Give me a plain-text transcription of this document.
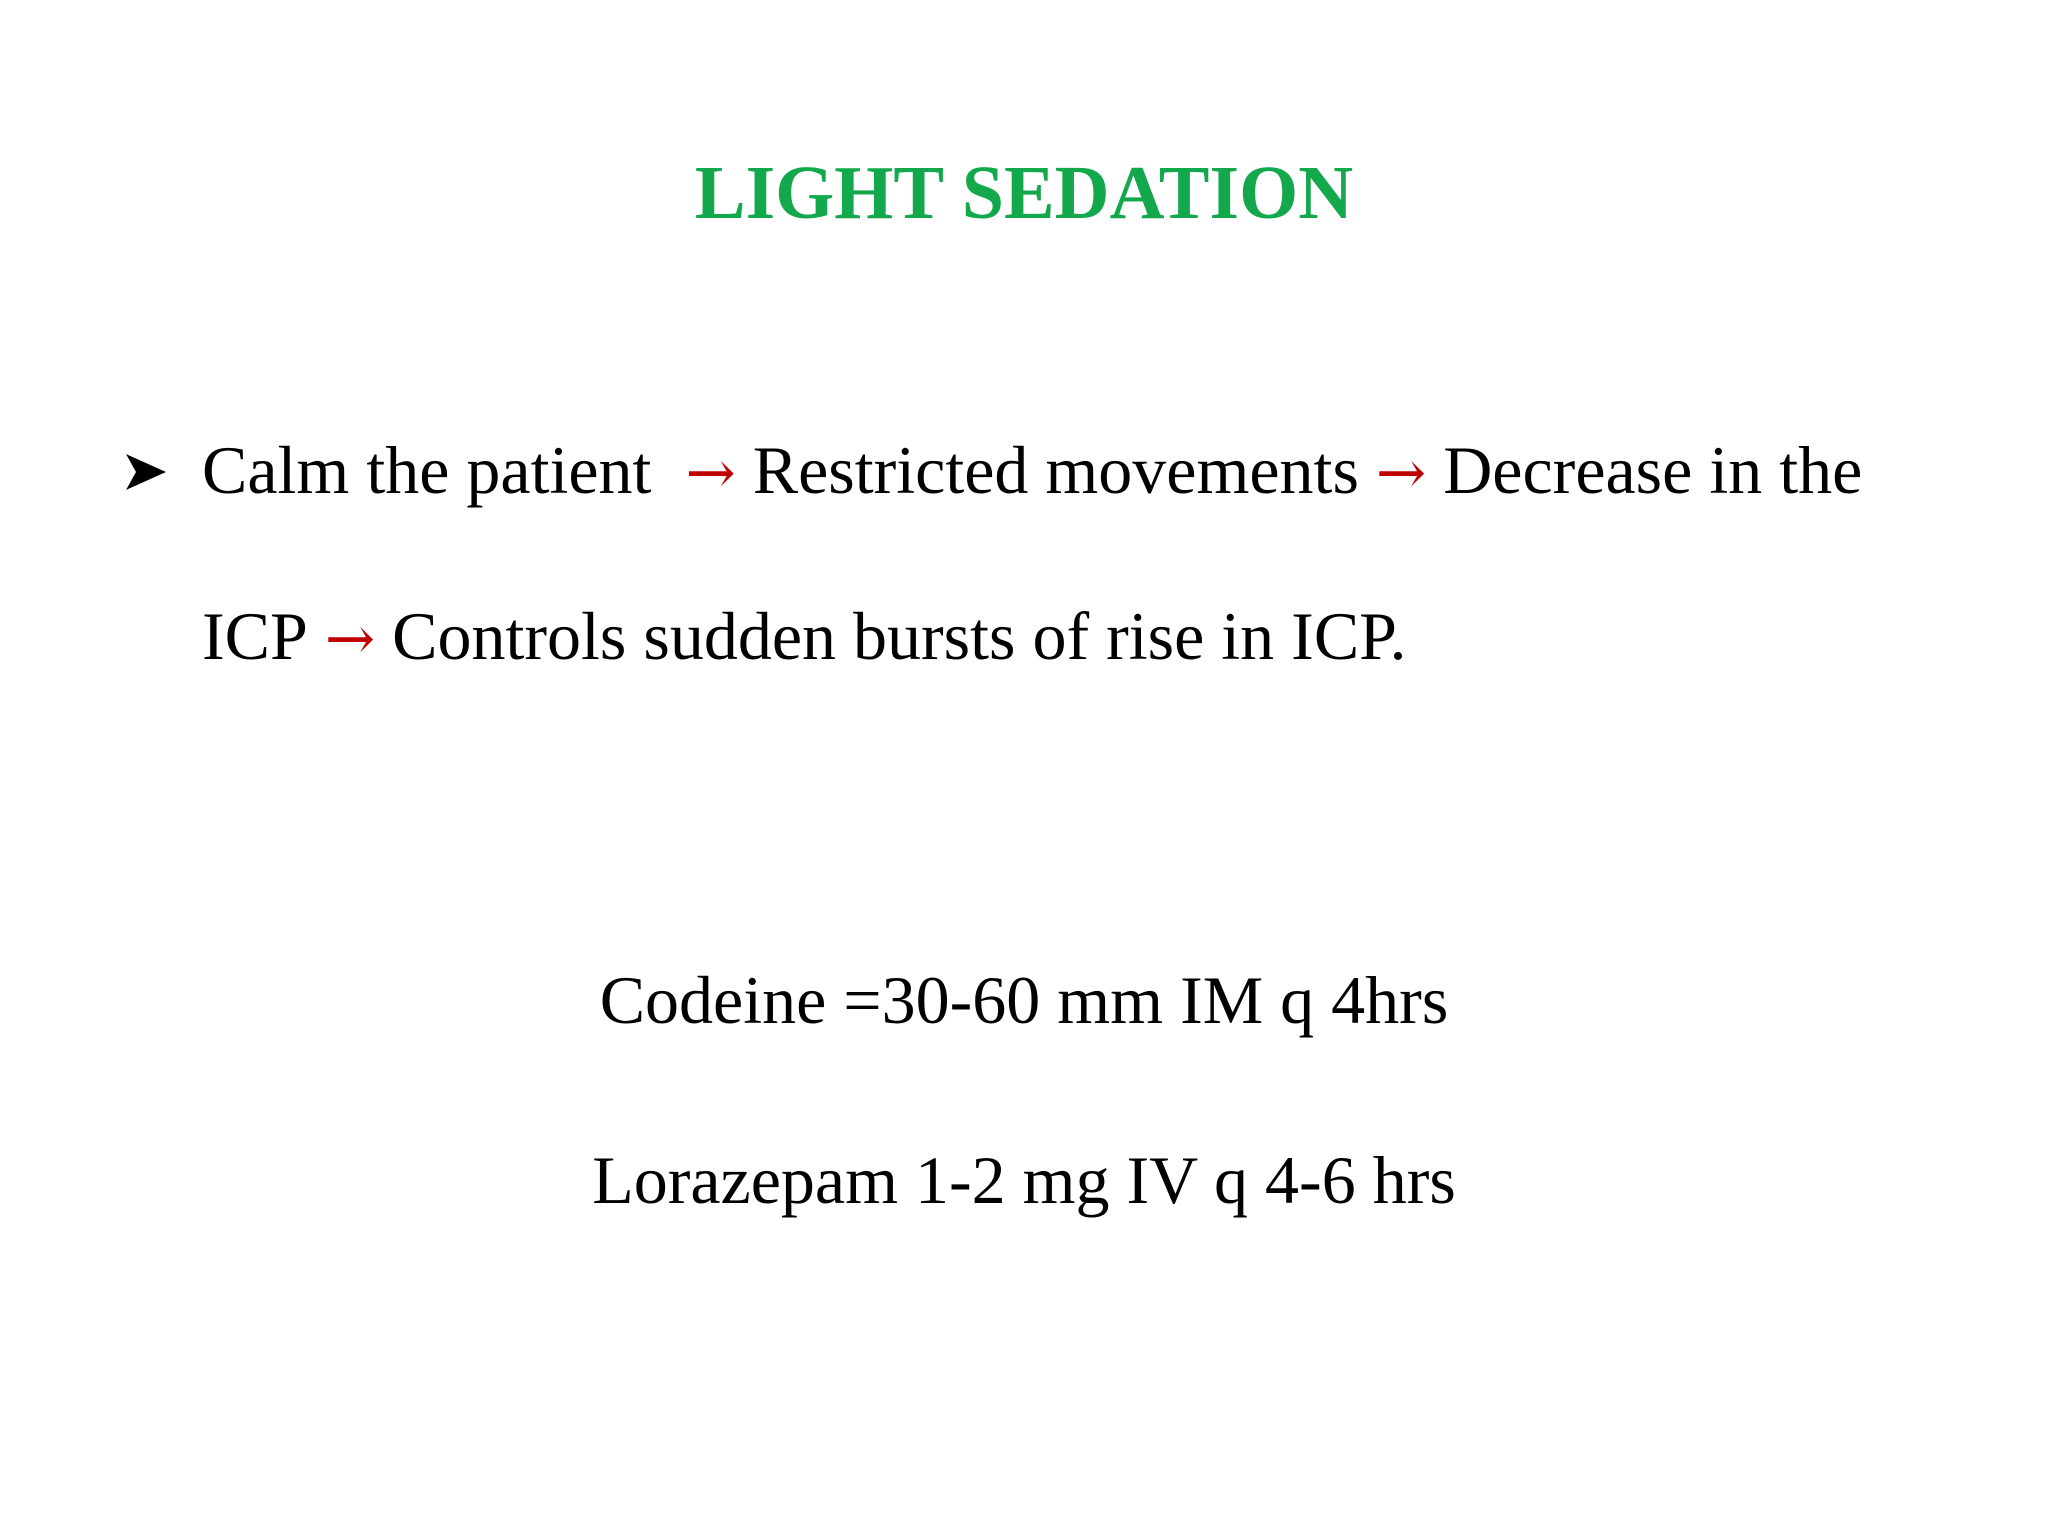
LIGHT SEDATION
Calm the patient → Restricted movements → Decrease in the
ICP → Controls sudden bursts of rise in ICP.
Codeine =30-60 mm IM q 4hrs
Lorazepam 1-2 mg IV q 4-6 hrs
